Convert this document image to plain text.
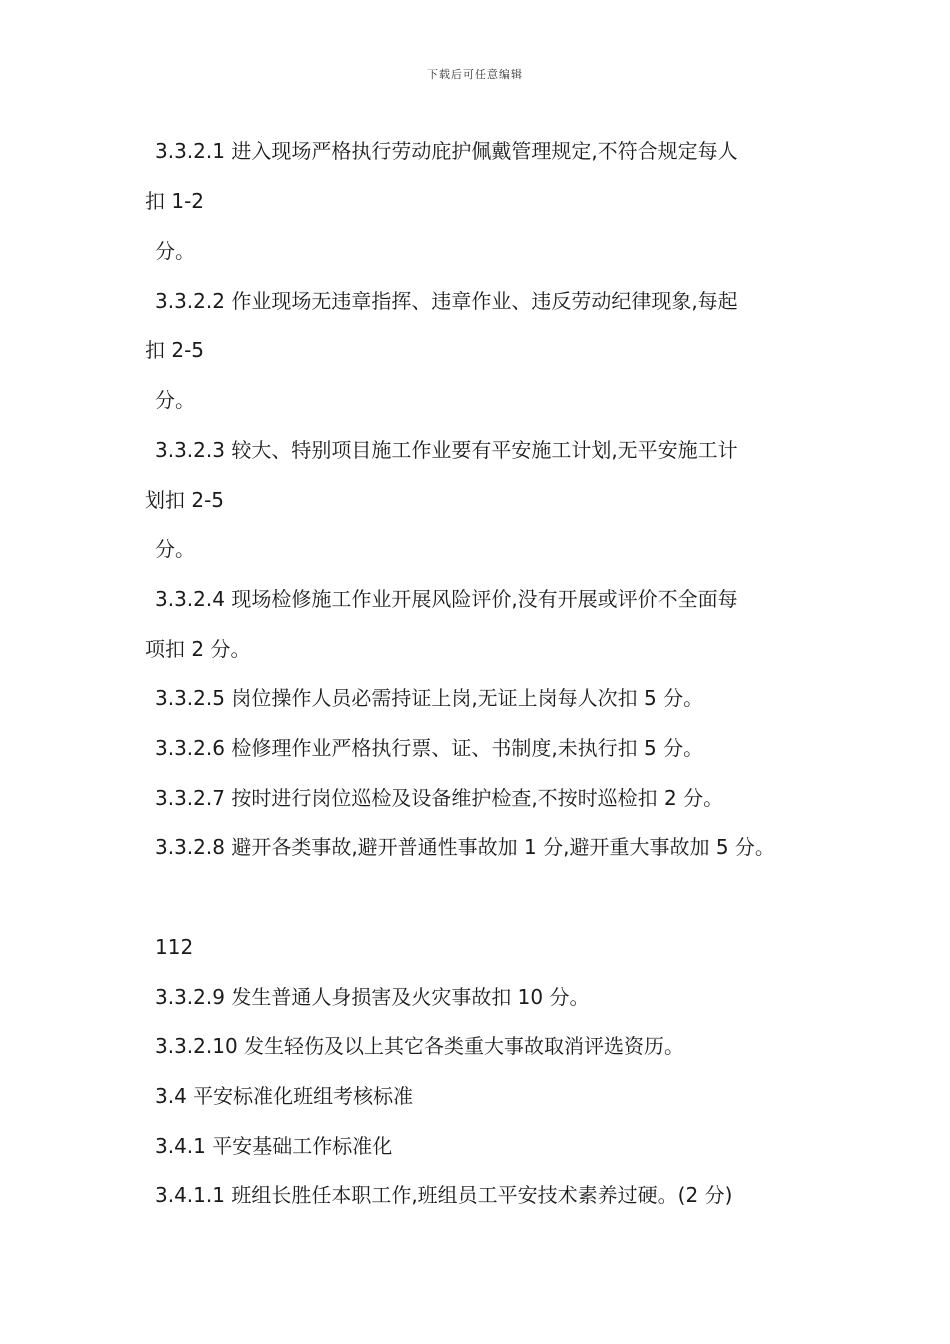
下载后可任意编辑
3.3.2.1 进入现场严格执行劳动庇护佩戴管理规定,不符合规定每人
扣 1-2
分。
3.3.2.2 作业现场无违章指挥、违章作业、违反劳动纪律现象,每起
扣 2-5
分。
3.3.2.3 较大、特别项目施工作业要有平安施工计划,无平安施工计
划扣 2-5
分。
3.3.2.4 现场检修施工作业开展风险评价,没有开展或评价不全面每
项扣 2 分。
3.3.2.5 岗位操作人员必需持证上岗,无证上岗每人次扣 5 分。
3.3.2.6 检修理作业严格执行票、证、书制度,未执行扣 5 分。
3.3.2.7 按时进行岗位巡检及设备维护检查,不按时巡检扣 2 分。
3.3.2.8 避开各类事故,避开普通性事故加 1 分,避开重大事故加 5 分。
112
3.3.2.9 发生普通人身损害及火灾事故扣 10 分。
3.3.2.10 发生轻伤及以上其它各类重大事故取消评选资历。
3.4 平安标准化班组考核标准
3.4.1 平安基础工作标准化
3.4.1.1 班组长胜任本职工作,班组员工平安技术素养过硬。(2 分)
